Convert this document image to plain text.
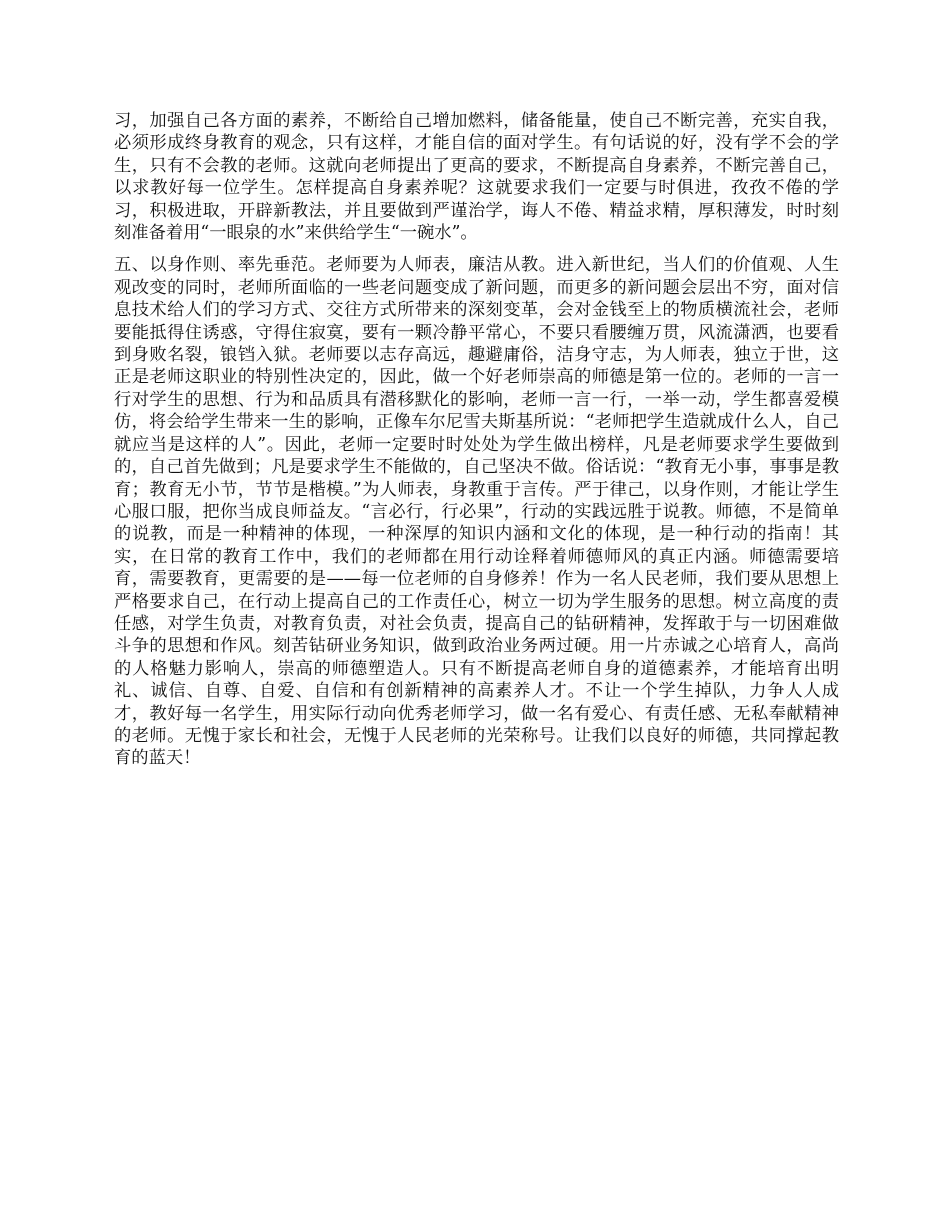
习，加强自己各方面的素养，不断给自己增加燃料，储备能量，使自己不断完善，充实自我，必须形成终身教育的观念，只有这样，才能自信的面对学生。有句话说的好，没有学不会的学生，只有不会教的老师。这就向老师提出了更高的要求，不断提高自身素养，不断完善自己，以求教好每一位学生。怎样提高自身素养呢？这就要求我们一定要与时俱进，孜孜不倦的学习，积极进取，开辟新教法，并且要做到严谨治学，诲人不倦、精益求精，厚积薄发，时时刻刻准备着用“一眼泉的水”来供给学生“一碗水”。

五、以身作则、率先垂范。老师要为人师表，廉洁从教。进入新世纪，当人们的价值观、人生观改变的同时，老师所面临的一些老问题变成了新问题，而更多的新问题会层出不穷，面对信息技术给人们的学习方式、交往方式所带来的深刻变革，会对金钱至上的物质横流社会，老师要能抵得住诱惑，守得住寂寞，要有一颗冷静平常心，不要只看腰缠万贯，风流潇洒，也要看到身败名裂，锒铛入狱。老师要以志存高远，趣避庸俗，洁身守志，为人师表，独立于世，这正是老师这职业的特别性决定的，因此，做一个好老师崇高的师德是第一位的。老师的一言一行对学生的思想、行为和品质具有潜移默化的影响，老师一言一行，一举一动，学生都喜爱模仿，将会给学生带来一生的影响，正像车尔尼雪夫斯基所说：“老师把学生造就成什么人，自己就应当是这样的人”。因此，老师一定要时时处处为学生做出榜样，凡是老师要求学生要做到的，自己首先做到；凡是要求学生不能做的，自己坚决不做。俗话说：“教育无小事，事事是教育；教育无小节，节节是楷模。”为人师表，身教重于言传。严于律己，以身作则，才能让学生心服口服，把你当成良师益友。“言必行，行必果”，行动的实践远胜于说教。师德，不是简单的说教，而是一种精神的体现，一种深厚的知识内涵和文化的体现，是一种行动的指南！其实，在日常的教育工作中，我们的老师都在用行动诠释着师德师风的真正内涵。师德需要培育，需要教育，更需要的是——每一位老师的自身修养！作为一名人民老师，我们要从思想上严格要求自己，在行动上提高自己的工作责任心，树立一切为学生服务的思想。树立高度的责任感，对学生负责，对教育负责，对社会负责，提高自己的钻研精神，发挥敢于与一切困难做斗争的思想和作风。刻苦钻研业务知识，做到政治业务两过硬。用一片赤诚之心培育人，高尚的人格魅力影响人，崇高的师德塑造人。只有不断提高老师自身的道德素养，才能培育出明礼、诚信、自尊、自爱、自信和有创新精神的高素养人才。不让一个学生掉队，力争人人成才，教好每一名学生，用实际行动向优秀老师学习，做一名有爱心、有责任感、无私奉献精神的老师。无愧于家长和社会，无愧于人民老师的光荣称号。让我们以良好的师德，共同撑起教育的蓝天！
